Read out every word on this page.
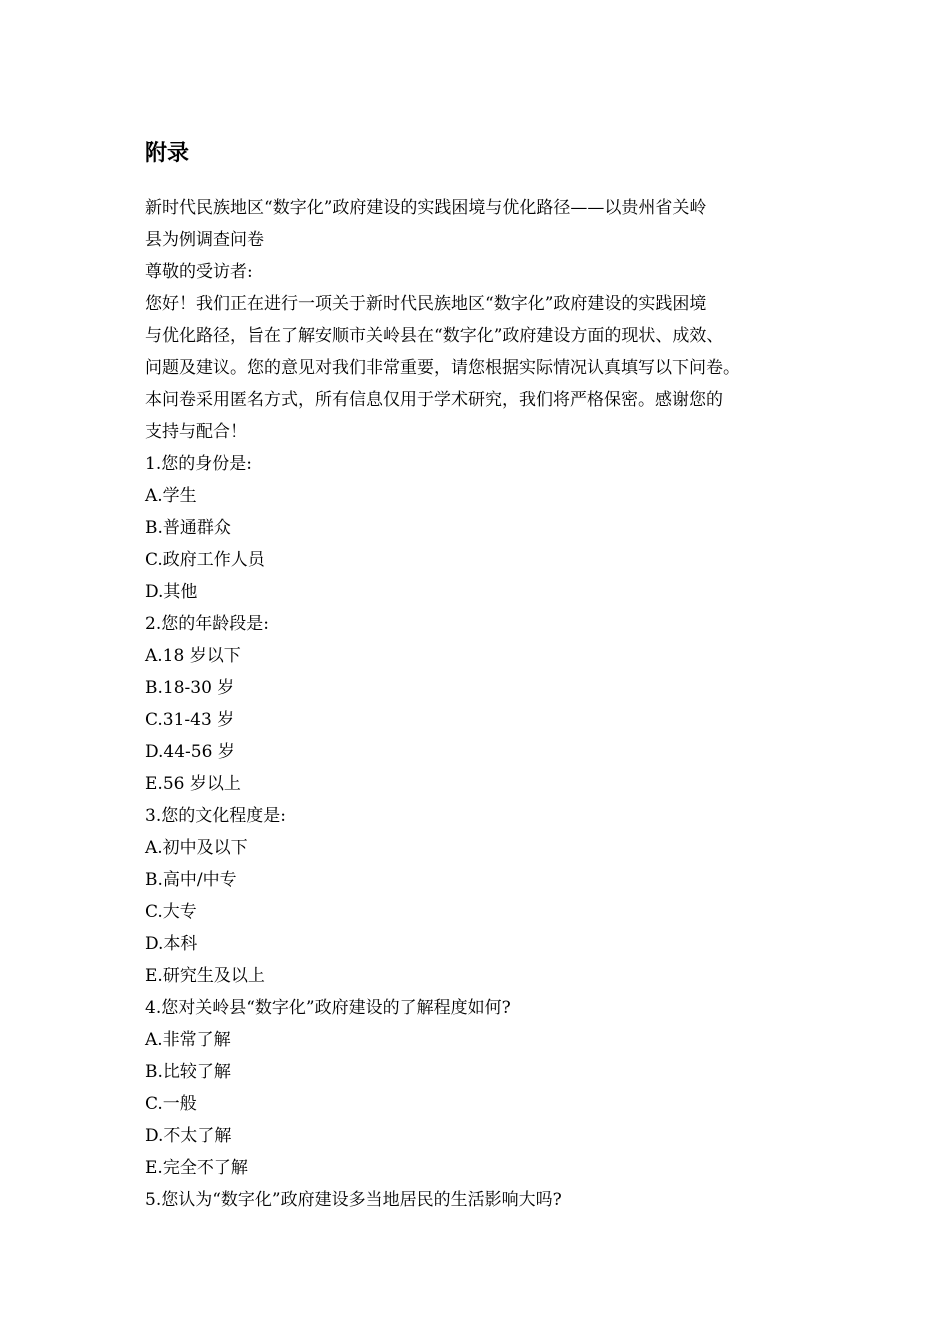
附录
新时代民族地区“数字化”政府建设的实践困境与优化路径——以贵州省关岭
县为例调查问卷
尊敬的受访者:
您好！我们正在进行一项关于新时代民族地区“数字化”政府建设的实践困境
与优化路径，旨在了解安顺市关岭县在“数字化”政府建设方面的现状、成效、
问题及建议。您的意见对我们非常重要，请您根据实际情况认真填写以下问卷。
本问卷采用匿名方式，所有信息仅用于学术研究，我们将严格保密。感谢您的
支持与配合！
1.您的身份是:
A.学生
B.普通群众
C.政府工作人员
D.其他
2.您的年龄段是:
A.18 岁以下
B.18-30 岁
C.31-43 岁
D.44-56 岁
E.56 岁以上
3.您的文化程度是:
A.初中及以下
B.高中/中专
C.大专
D.本科
E.研究生及以上
4.您对关岭县“数字化”政府建设的了解程度如何?
A.非常了解
B.比较了解
C.一般
D.不太了解
E.完全不了解
5.您认为“数字化”政府建设多当地居民的生活影响大吗?
